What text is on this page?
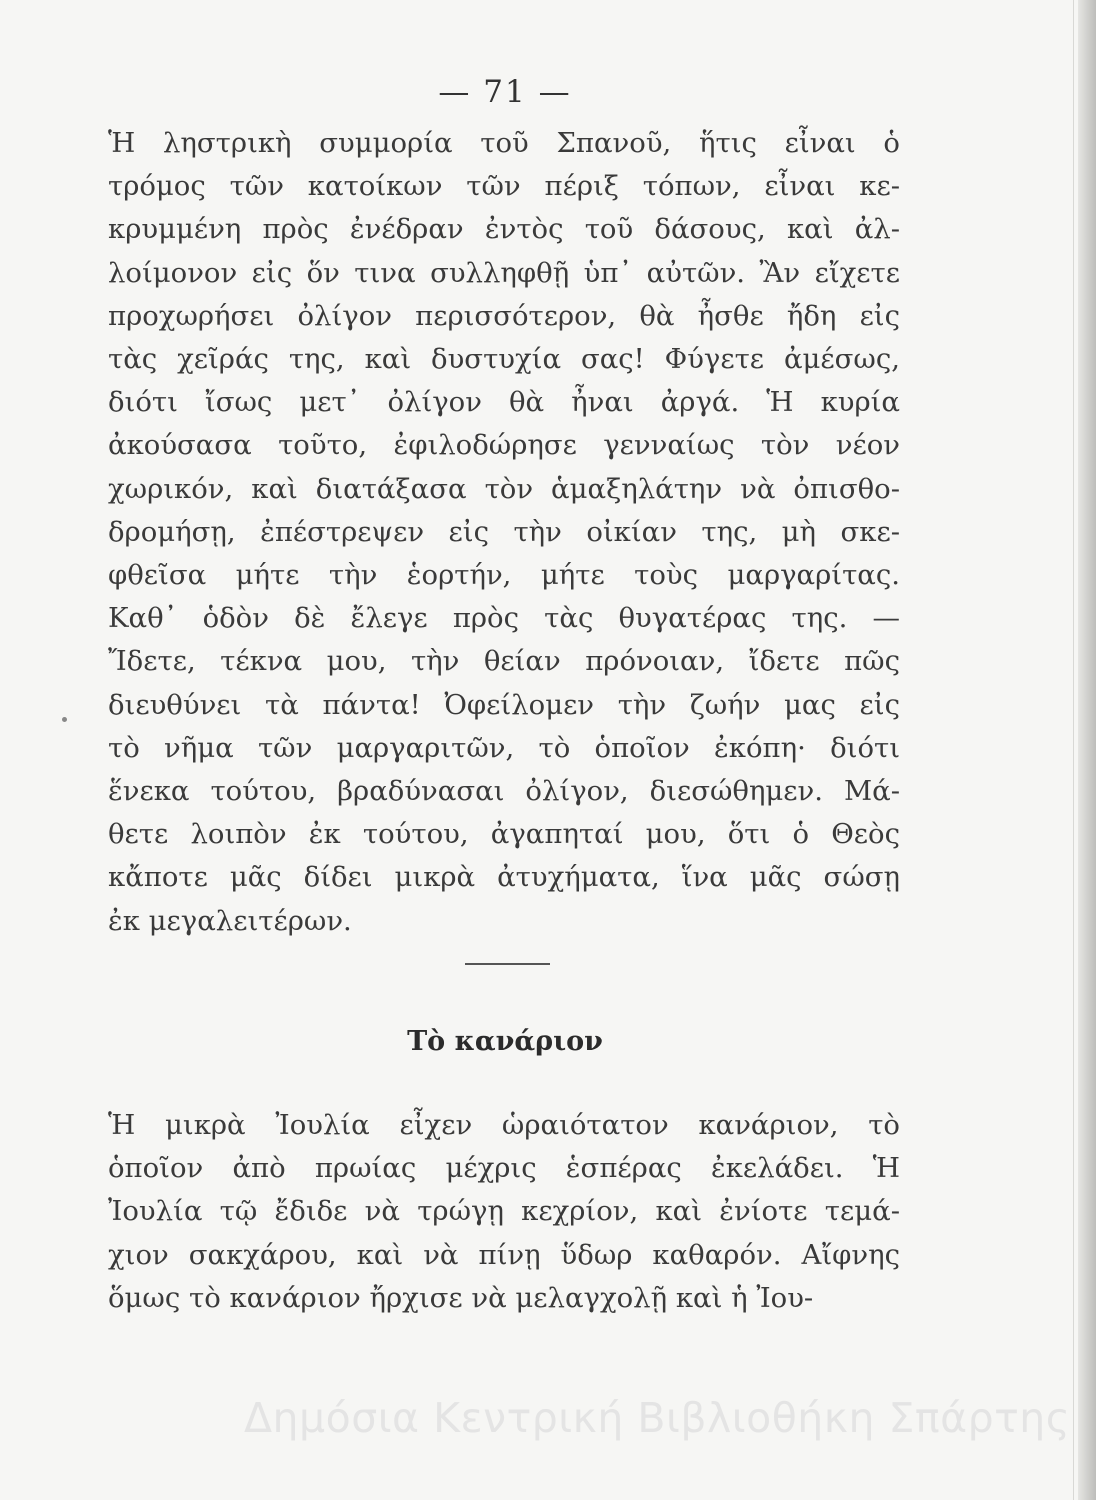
— 71 —
Ἡ ληστρικὴ συμμορία τοῦ Σπανοῦ, ἥτις εἶναι ὁ
τρόμος τῶν κατοίκων τῶν πέριξ τόπων, εἶναι κε-
κρυμμένη πρὸς ἐνέδραν ἐντὸς τοῦ δάσους, καὶ ἀλ-
λοίμονον εἰς ὅν τινα συλληφθῇ ὑπ᾽ αὐτῶν. Ἂν εἴχετε
προχωρήσει ὀλίγον περισσότερον, θὰ ἦσθε ἤδη εἰς
τὰς χεῖράς της, καὶ δυστυχία σας! Φύγετε ἀμέσως,
διότι ἴσως μετ᾽ ὀλίγον θὰ ἦναι ἀργά. Ἡ κυρία
ἀκούσασα τοῦτο, ἐφιλοδώρησε γενναίως τὸν νέον
χωρικόν, καὶ διατάξασα τὸν ἁμαξηλάτην νὰ ὀπισθο-
δρομήσῃ, ἐπέστρεψεν εἰς τὴν οἰκίαν της, μὴ σκε-
φθεῖσα μήτε τὴν ἑορτήν, μήτε τοὺς μαργαρίτας.
Καθ᾽ ὁδὸν δὲ ἔλεγε πρὸς τὰς θυγατέρας της. —
Ἴδετε, τέκνα μου, τὴν θείαν πρόνοιαν, ἴδετε πῶς
διευθύνει τὰ πάντα! Ὀφείλομεν τὴν ζωήν μας εἰς
τὸ νῆμα τῶν μαργαριτῶν, τὸ ὁποῖον ἐκόπη· διότι
ἕνεκα τούτου, βραδύνασαι ὀλίγον, διεσώθημεν. Μά-
θετε λοιπὸν ἐκ τούτου, ἀγαπηταί μου, ὅτι ὁ Θεὸς
κἄποτε μᾶς δίδει μικρὰ ἀτυχήματα, ἵνα μᾶς σώσῃ
ἐκ μεγαλειτέρων.
Τὸ κανάριον
Ἡ μικρὰ Ἰουλία εἶχεν ὡραιότατον κανάριον, τὸ
ὁποῖον ἀπὸ πρωίας μέχρις ἑσπέρας ἐκελάδει. Ἡ
Ἰουλία τῷ ἔδιδε νὰ τρώγῃ κεχρίον, καὶ ἐνίοτε τεμά-
χιον σακχάρου, καὶ νὰ πίνῃ ὕδωρ καθαρόν. Αἴφνης
ὅμως τὸ κανάριον ἤρχισε νὰ μελαγχολῇ καὶ ἡ Ἰου-
Δημόσια Κεντρική Βιβλιοθήκη Σπάρτης
